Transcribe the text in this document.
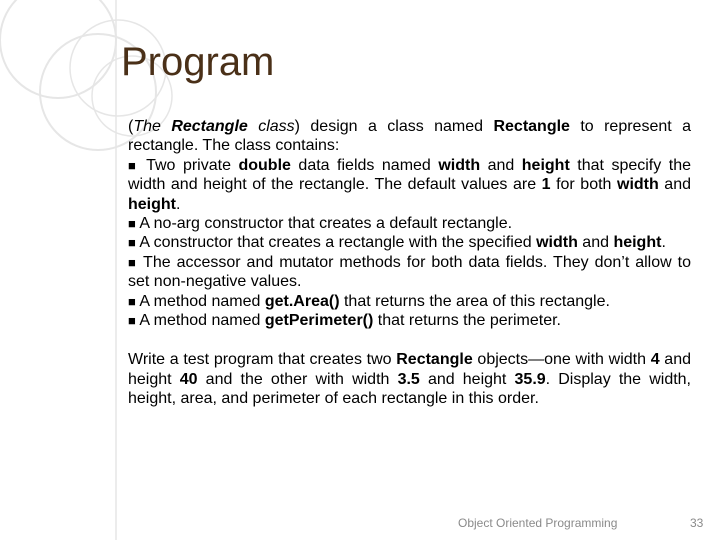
Program

(The Rectangle class) design a class named Rectangle to represent a rectangle. The class contains:

■ Two private double data fields named width and height that specify the width and height of the rectangle. The default values are 1 for both width and height.

■ A no-arg constructor that creates a default rectangle.

■ A constructor that creates a rectangle with the specified width and height.

■ The accessor and mutator methods for both data fields. They don’t allow to set non-negative values.

■ A method named get.Area() that returns the area of this rectangle.

■ A method named getPerimeter() that returns the perimeter.

Write a test program that creates two Rectangle objects—one with width 4 and height 40 and the other with width 3.5 and height 35.9. Display the width, height, area, and perimeter of each rectangle in this order.

Object Oriented Programming	33
